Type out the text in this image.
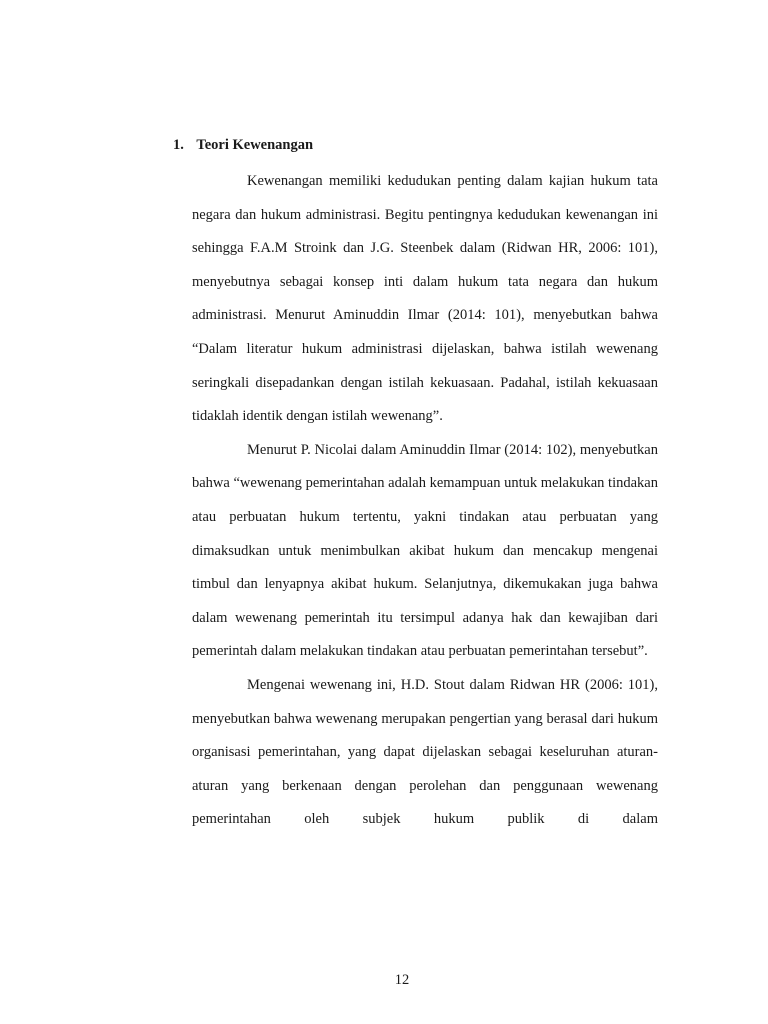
1. Teori Kewenangan

Kewenangan memiliki kedudukan penting dalam kajian hukum tata negara dan hukum administrasi. Begitu pentingnya kedudukan kewenangan ini sehingga F.A.M Stroink dan J.G. Steenbek dalam (Ridwan HR, 2006: 101), menyebutnya sebagai konsep inti dalam hukum tata negara dan hukum administrasi. Menurut Aminuddin Ilmar (2014: 101), menyebutkan bahwa “Dalam literatur hukum administrasi dijelaskan, bahwa istilah wewenang seringkali disepadankan dengan istilah kekuasaan. Padahal, istilah kekuasaan tidaklah identik dengan istilah wewenang”.

Menurut P. Nicolai dalam Aminuddin Ilmar (2014: 102), menyebutkan bahwa “wewenang pemerintahan adalah kemampuan untuk melakukan tindakan atau perbuatan hukum tertentu, yakni tindakan atau perbuatan yang dimaksudkan untuk menimbulkan akibat hukum dan mencakup mengenai timbul dan lenyapnya akibat hukum. Selanjutnya, dikemukakan juga bahwa dalam wewenang pemerintah itu tersimpul adanya hak dan kewajiban dari pemerintah dalam melakukan tindakan atau perbuatan pemerintahan tersebut”.

Mengenai wewenang ini, H.D. Stout dalam Ridwan HR (2006: 101), menyebutkan bahwa wewenang merupakan pengertian yang berasal dari hukum organisasi pemerintahan, yang dapat dijelaskan sebagai keseluruhan aturan-aturan yang berkenaan dengan perolehan dan penggunaan wewenang pemerintahan oleh subjek hukum publik di dalam

12
